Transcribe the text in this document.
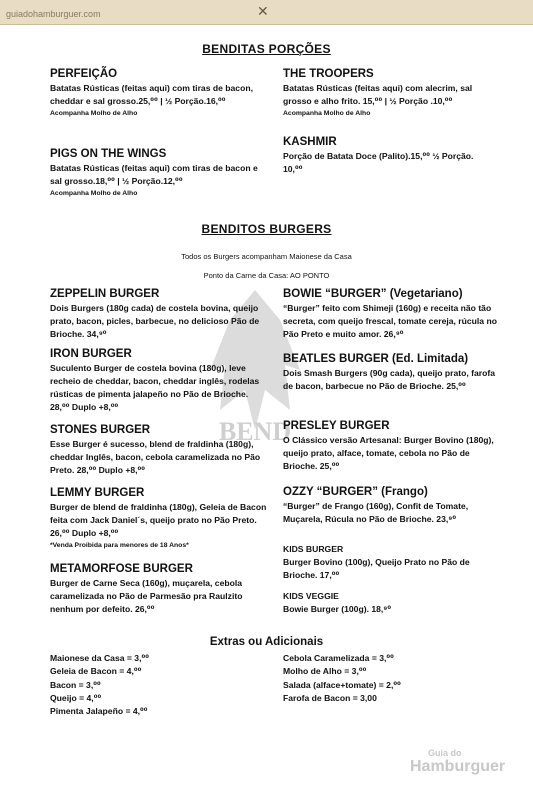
guiadohamburguer.com	✕
BEND
BENDITAS PORÇÕES
PERFEIÇÃO
Batatas Rústicas (feitas aqui) com tiras de bacon, cheddar e sal grosso.25,⁰⁰ | ½ Porção.16,⁰⁰
Acompanha Molho de Alho
PIGS ON THE WINGS
Batatas Rústicas (feitas aqui) com tiras de bacon e sal grosso.18,⁰⁰ | ½ Porção.12,⁰⁰
Acompanha Molho de Alho
THE TROOPERS
Batatas Rústicas (feitas aqui) com alecrim, sal grosso e alho frito. 15,⁰⁰ | ½ Porção .10,⁰⁰
Acompanha Molho de Alho
KASHMIR
Porção de Batata Doce (Palito).15,⁰⁰ ½ Porção. 10,⁰⁰
BENDITOS BURGERS
Todos os Burgers acompanham Maionese da Casa
Ponto da Carne da Casa: AO PONTO
ZEPPELIN BURGER
Dois Burgers (180g cada) de costela bovina, queijo prato, bacon, picles, barbecue, no delicioso Pão de Brioche. 34,⁹⁰
IRON BURGER
Suculento Burger de costela bovina (180g), leve recheio de cheddar, bacon, cheddar inglês, rodelas rústicas de pimenta jalapeño no Pão de Brioche. 28,⁰⁰ Duplo +8,⁰⁰
STONES BURGER
Esse Burger é sucesso, blend de fraldinha (180g), cheddar Inglês, bacon, cebola caramelizada no Pão Preto. 28,⁰⁰ Duplo +8,⁰⁰
LEMMY BURGER
Burger de blend de fraldinha (180g), Geleia de Bacon feita com Jack Daniel´s, queijo prato no Pão Preto. 26,⁰⁰ Duplo +8,⁰⁰
*Venda Proibida para menores de 18 Anos*
METAMORFOSE BURGER
Burger de Carne Seca (160g), muçarela, cebola caramelizada no Pão de Parmesão pra Raulzito nenhum por defeito. 26,⁰⁰
BOWIE “BURGER” (Vegetariano)
“Burger” feito com Shimeji (160g) e receita não tão secreta, com queijo frescal, tomate cereja, rúcula no Pão Preto e muito amor. 26,⁹⁰
BEATLES BURGER (Ed. Limitada)
Dois Smash Burgers (90g cada), queijo prato, farofa de bacon, barbecue no Pão de Brioche. 25,⁰⁰
PRESLEY BURGER
O Clássico versão Artesanal: Burger Bovino (180g), queijo prato, alface, tomate, cebola no Pão de Brioche. 25,⁰⁰
OZZY “BURGER” (Frango)
“Burger” de Frango (160g), Confit de Tomate, Muçarela, Rúcula no Pão de Brioche. 23,⁹⁰
KIDS BURGER
Burger Bovino (100g), Queijo Prato no Pão de Brioche. 17,⁰⁰
KIDS VEGGIE
Bowie Burger (100g). 18,⁹⁰
Extras ou Adicionais
Maionese da Casa = 3,⁰⁰
Geleia de Bacon = 4,⁰⁰
Bacon = 3,⁰⁰
Queijo = 4,⁰⁰
Pimenta Jalapeño = 4,⁰⁰
Cebola Caramelizada = 3,⁰⁰
Molho de Alho = 3,⁰⁰
Salada (alface+tomate) = 2,⁰⁰
Farofa de Bacon = 3,00
Guia do
Hamburguer
